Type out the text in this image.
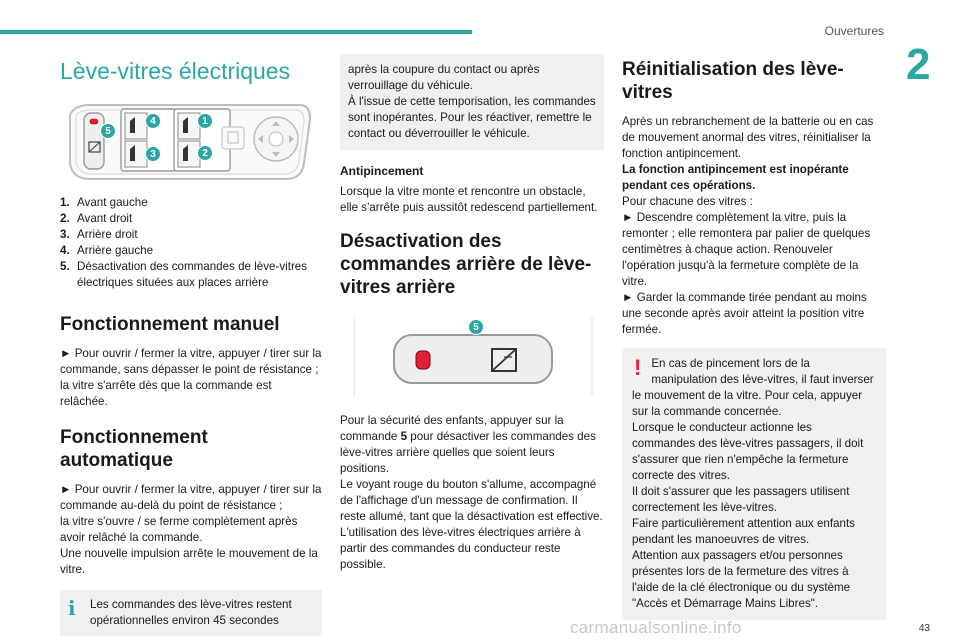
Ouvertures
2
Lève-vitres électriques
1
2
3
4
5
1. Avant gauche
2. Avant droit
3. Arrière droit
4. Arrière gauche
5. Désactivation des commandes de lève-vitres électriques situées aux places arrière
Fonctionnement manuel

► Pour ouvrir / fermer la vitre, appuyer / tirer sur la commande, sans dépasser le point de résistance ; la vitre s'arrête dès que la commande est relâchée.

Fonctionnement automatique

► Pour ouvrir / fermer la vitre, appuyer / tirer sur la commande au-delà du point de résistance ;

la vitre s'ouvre / se ferme complètement après avoir relâché la commande.

Une nouvelle impulsion arrête le mouvement de la vitre.

i	Les commandes des lève-vitres restent opérationnelles environ 45 secondes

après la coupure du contact ou après verrouillage du véhicule.

À l'issue de cette temporisation, les commandes sont inopérantes. Pour les réactiver, remettre le contact ou déverrouiller le véhicule.

Antipincement

Lorsque la vitre monte et rencontre un obstacle, elle s'arrête puis aussitôt redescend partiellement.

Désactivation des commandes arrière de lève-vitres arrière
5

Pour la sécurité des enfants, appuyer sur la commande 5 pour désactiver les commandes des lève-vitres arrière quelles que soient leurs positions.

Le voyant rouge du bouton s'allume, accompagné de l'affichage d'un message de confirmation. Il reste allumé, tant que la désactivation est effective.

L'utilisation des lève-vitres électriques arrière à partir des commandes du conducteur reste possible.

Réinitialisation des lève-vitres

Après un rebranchement de la batterie ou en cas de mouvement anormal des vitres, réinitialiser la fonction antipincement.

La fonction antipincement est inopérante pendant ces opérations.

Pour chacune des vitres :

► Descendre complètement la vitre, puis la remonter ; elle remontera par palier de quelques centimètres à chaque action. Renouveler l'opération jusqu'à la fermeture complète de la vitre.

► Garder la commande tirée pendant au moins une seconde après avoir atteint la position vitre fermée.

! En cas de pincement lors de la manipulation des lève-vitres, il faut inverser le mouvement de la vitre. Pour cela, appuyer sur la commande concernée.

Lorsque le conducteur actionne les commandes des lève-vitres passagers, il doit s'assurer que rien n'empêche la fermeture correcte des vitres.

Il doit s'assurer que les passagers utilisent correctement les lève-vitres.

Faire particulièrement attention aux enfants pendant les manoeuvres de vitres.

Attention aux passagers et/ou personnes présentes lors de la fermeture des vitres à l'aide de la clé électronique ou du système "Accès et Démarrage Mains Libres".

carmanualsonline.info	43
